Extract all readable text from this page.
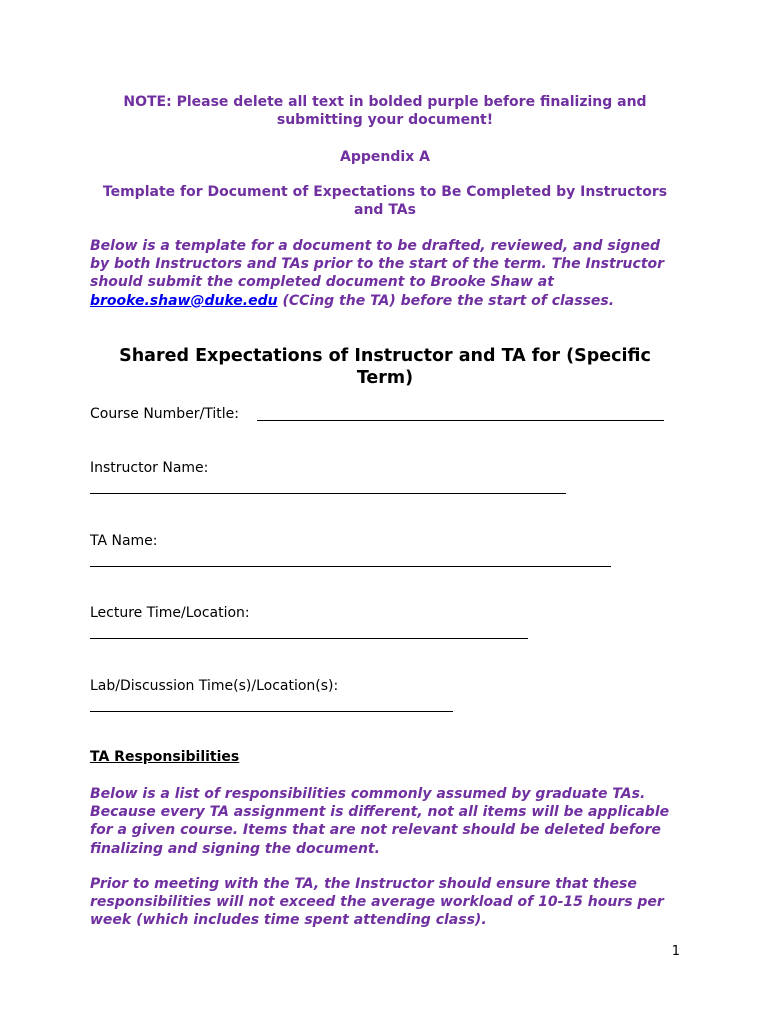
NOTE: Please delete all text in bolded purple before finalizing and submitting your document!
Appendix A
Template for Document of Expectations to Be Completed by Instructors and TAs
Below is a template for a document to be drafted, reviewed, and signed by both Instructors and TAs prior to the start of the term. The Instructor should submit the completed document to Brooke Shaw at brooke.shaw@duke.edu (CCing the TA) before the start of classes.
Shared Expectations of Instructor and TA for (Specific Term)
Course Number/Title:
Instructor Name:
TA Name:
Lecture Time/Location:
Lab/Discussion Time(s)/Location(s):
TA Responsibilities
Below is a list of responsibilities commonly assumed by graduate TAs. Because every TA assignment is different, not all items will be applicable for a given course. Items that are not relevant should be deleted before finalizing and signing the document.
Prior to meeting with the TA, the Instructor should ensure that these responsibilities will not exceed the average workload of 10-15 hours per week (which includes time spent attending class).
1
